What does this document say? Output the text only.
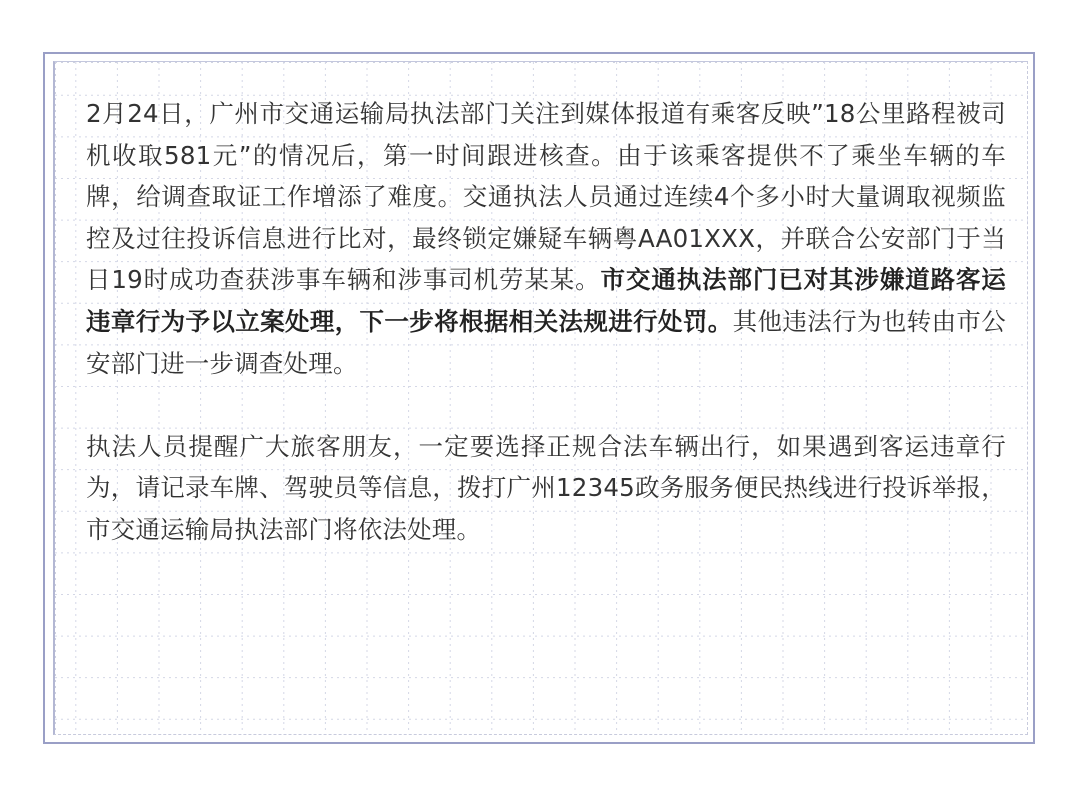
2月24日，广州市交通运输局执法部门关注到媒体报道有乘客反映”18公里路程被司机收取581元”的情况后，第一时间跟进核查。由于该乘客提供不了乘坐车辆的车牌，给调查取证工作增添了难度。交通执法人员通过连续4个多小时大量调取视频监控及过往投诉信息进行比对，最终锁定嫌疑车辆粤AA01XXX，并联合公安部门于当日19时成功查获涉事车辆和涉事司机劳某某。市交通执法部门已对其涉嫌道路客运违章行为予以立案处理，下一步将根据相关法规进行处罚。其他违法行为也转由市公安部门进一步调查处理。

执法人员提醒广大旅客朋友，一定要选择正规合法车辆出行，如果遇到客运违章行为，请记录车牌、驾驶员等信息，拨打广州12345政务服务便民热线进行投诉举报，市交通运输局执法部门将依法处理。
